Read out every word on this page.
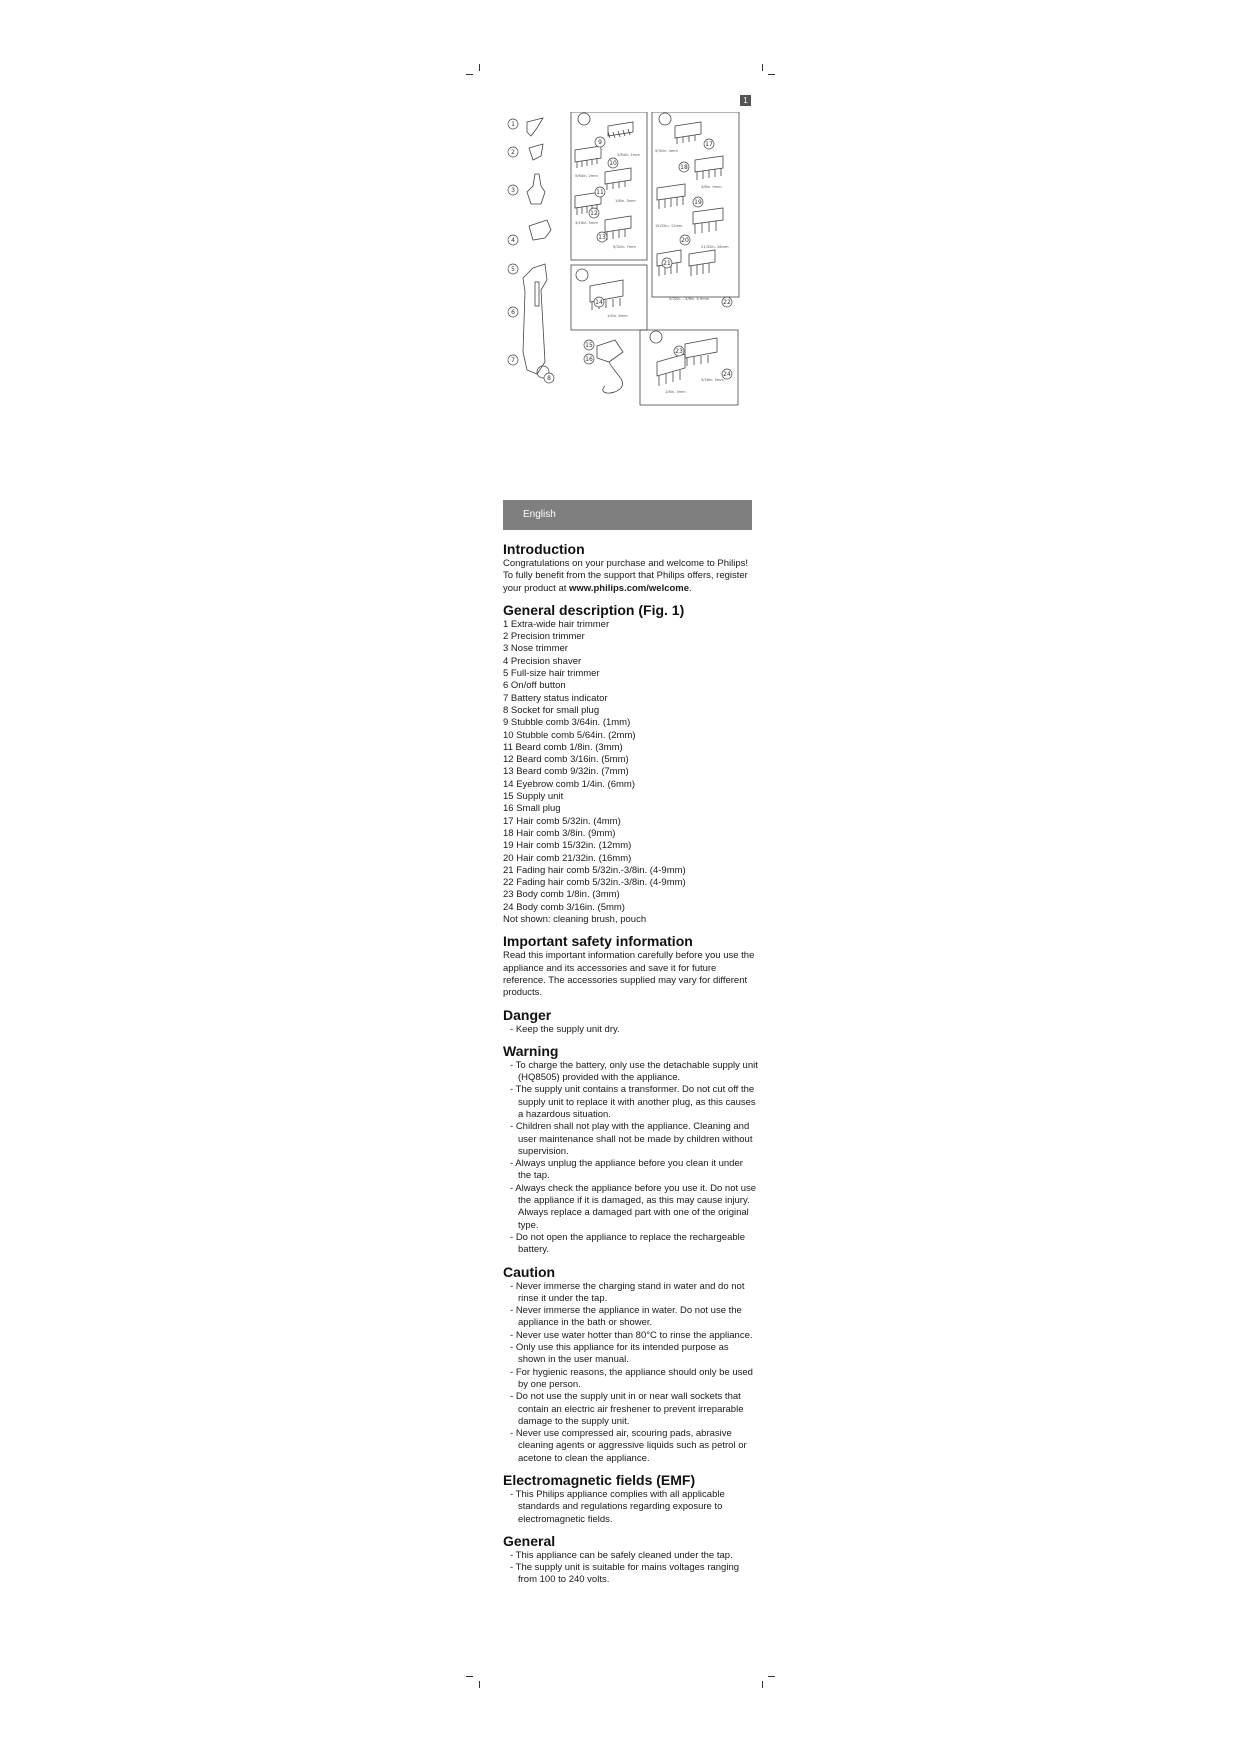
1
1
2
3
4
5
6
7
8
9
10
11
12
13
14
15
16
17
18
19
20
21
22
23
24
3/64in. 1mm
5/64in. 2mm
1/8in. 3mm
3/16in. 5mm
9/32in. 7mm
1/4in. 6mm
5/32in. 4mm
3/8in. 9mm
15/32in. 12mm
21/32in. 16mm
5/32in. - 3/8in. 4-9mm
1/8in. 3mm
3/16in. 5mm
English
Introduction

Congratulations on your purchase and welcome to Philips! To fully benefit from the support that Philips offers, register your product at www.philips.com/welcome.

General description (Fig. 1)
1 Extra-wide hair trimmer
2 Precision trimmer
3 Nose trimmer
4 Precision shaver
5 Full-size hair trimmer
6 On/off button
7 Battery status indicator
8 Socket for small plug
9 Stubble comb 3/64in. (1mm)
10 Stubble comb 5/64in. (2mm)
11 Beard comb 1/8in. (3mm)
12 Beard comb 3/16in. (5mm)
13 Beard comb 9/32in. (7mm)
14 Eyebrow comb 1/4in. (6mm)
15 Supply unit
16 Small plug
17 Hair comb 5/32in. (4mm)
18 Hair comb 3/8in. (9mm)
19 Hair comb 15/32in. (12mm)
20 Hair comb 21/32in. (16mm)
21 Fading hair comb 5/32in.-3/8in. (4-9mm)
22 Fading hair comb 5/32in.-3/8in. (4-9mm)
23 Body comb 1/8in. (3mm)
24 Body comb 3/16in. (5mm)
Not shown: cleaning brush, pouch
Important safety information

Read this important information carefully before you use the appliance and its accessories and save it for future reference. The accessories supplied may vary for different products.

Danger
- Keep the supply unit dry.
Warning
- To charge the battery, only use the detachable supply unit (HQ8505) provided with the appliance.
- The supply unit contains a transformer. Do not cut off the supply unit to replace it with another plug, as this causes a hazardous situation.
- Children shall not play with the appliance. Cleaning and user maintenance shall not be made by children without supervision.
- Always unplug the appliance before you clean it under the tap.
- Always check the appliance before you use it. Do not use the appliance if it is damaged, as this may cause injury. Always replace a damaged part with one of the original type.
- Do not open the appliance to replace the rechargeable battery.
Caution
- Never immerse the charging stand in water and do not rinse it under the tap.
- Never immerse the appliance in water. Do not use the appliance in the bath or shower.
- Never use water hotter than 80°C to rinse the appliance.
- Only use this appliance for its intended purpose as shown in the user manual.
- For hygienic reasons, the appliance should only be used by one person.
- Do not use the supply unit in or near wall sockets that contain an electric air freshener to prevent irreparable damage to the supply unit.
- Never use compressed air, scouring pads, abrasive cleaning agents or aggressive liquids such as petrol or acetone to clean the appliance.
Electromagnetic fields (EMF)
- This Philips appliance complies with all applicable standards and regulations regarding exposure to electromagnetic fields.
General
- This appliance can be safely cleaned under the tap.
- The supply unit is suitable for mains voltages ranging from 100 to 240 volts.
